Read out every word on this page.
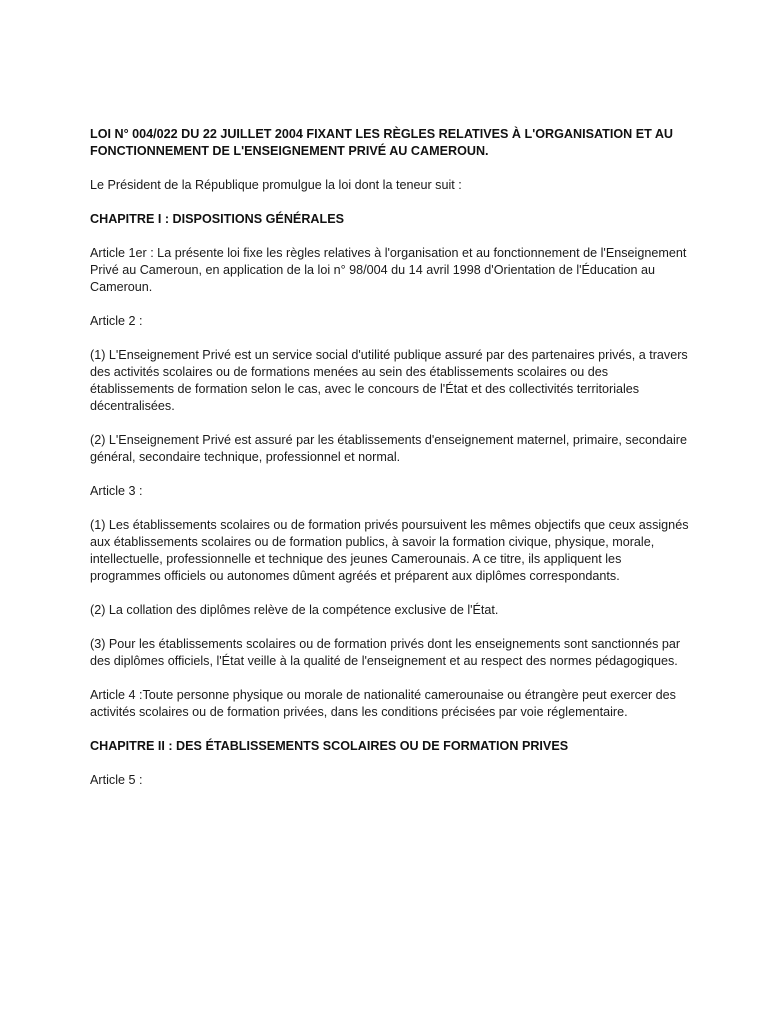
LOI N° 004/022 DU 22 JUILLET 2004 FIXANT LES RÈGLES RELATIVES À L'ORGANISATION ET AU FONCTIONNEMENT DE L'ENSEIGNEMENT PRIVÉ AU CAMEROUN.

Le Président de la République promulgue la loi dont la teneur suit :

CHAPITRE I : DISPOSITIONS GÉNÉRALES

Article 1er : La présente loi fixe les règles relatives à l'organisation et au fonctionnement de l'Enseignement Privé au Cameroun, en application de la loi n° 98/004 du 14 avril 1998 d'Orientation de l'Éducation au Cameroun.

Article 2 :

(1) L'Enseignement Privé est un service social d'utilité publique assuré par des partenaires privés, a travers des activités scolaires ou de formations menées au sein des établissements scolaires ou des établissements de formation selon le cas, avec le concours de l'État et des collectivités territoriales décentralisées.

(2) L'Enseignement Privé est assuré par les établissements d'enseignement maternel, primaire, secondaire général, secondaire technique, professionnel et normal.

Article 3 :

(1) Les établissements scolaires ou de formation privés poursuivent les mêmes objectifs que ceux assignés aux établissements scolaires ou de formation publics, à savoir la formation civique, physique, morale, intellectuelle, professionnelle et technique des jeunes Camerounais. A ce titre, ils appliquent les programmes officiels ou autonomes dûment agréés et préparent aux diplômes correspondants.

(2) La collation des diplômes relève de la compétence exclusive de l'État.

(3) Pour les établissements scolaires ou de formation privés dont les enseignements sont sanctionnés par des diplômes officiels, l'État veille à la qualité de l'enseignement et au respect des normes pédagogiques.

Article 4 :Toute personne physique ou morale de nationalité camerounaise ou étrangère peut exercer des activités scolaires ou de formation privées, dans les conditions précisées par voie réglementaire.

CHAPITRE II : DES ÉTABLISSEMENTS SCOLAIRES OU DE FORMATION PRIVES

Article 5 :
